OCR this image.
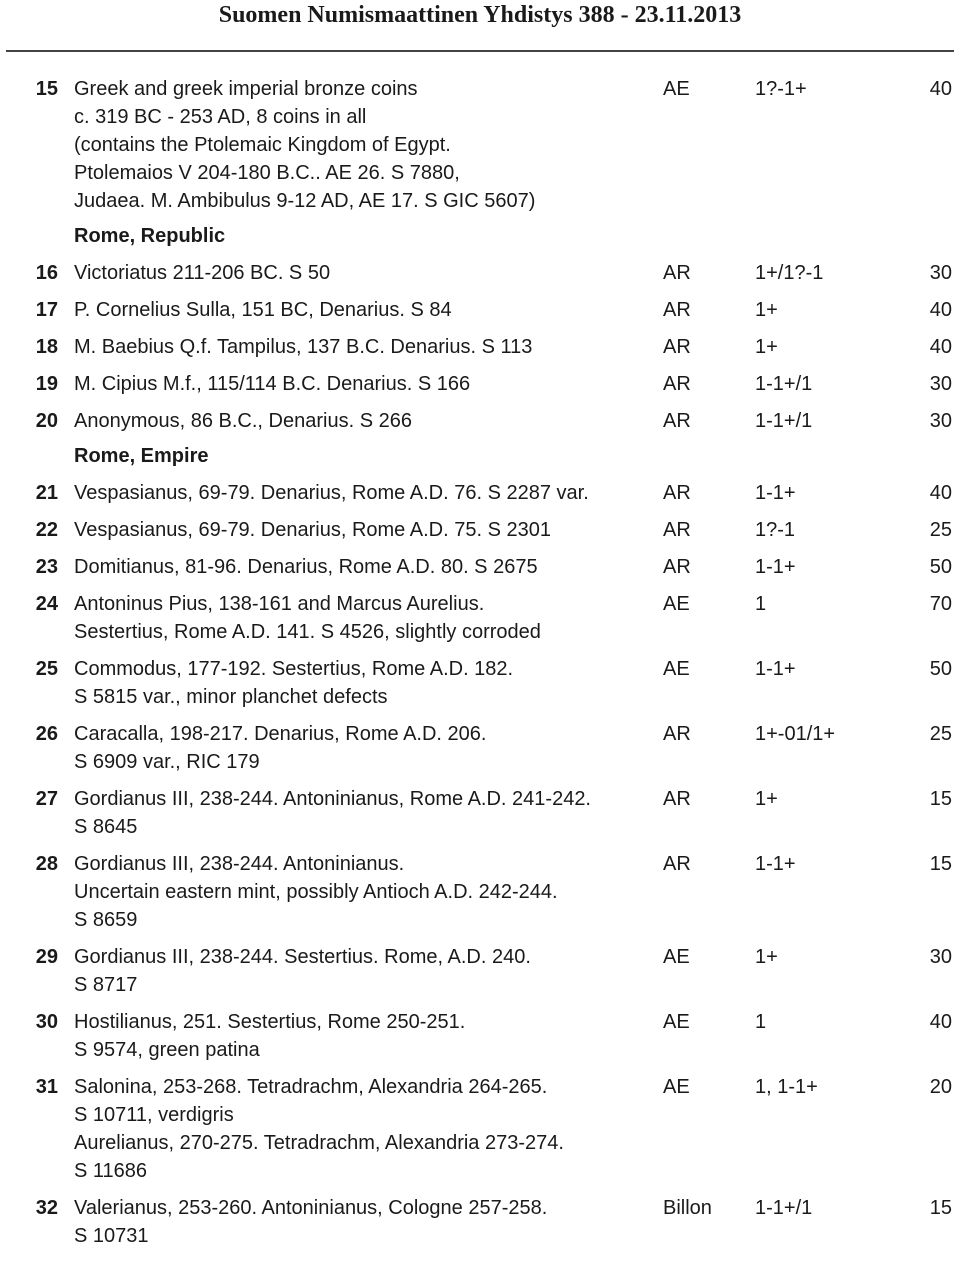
Suomen Numismaattinen Yhdistys 388 - 23.11.2013
15 Greek and greek imperial bronze coins
c. 319 BC - 253 AD, 8 coins in all
(contains the Ptolemaic Kingdom of Egypt.
Ptolemaios V 204-180 B.C.. AE 26. S 7880,
Judaea. M. Ambibulus 9-12 AD, AE 17. S GIC 5607)
AE	1?-1+	40
Rome, Republic
16 Victoriatus 211-206 BC. S 50	AR	1+/1?-1	30
17 P. Cornelius Sulla, 151 BC, Denarius. S 84	AR	1+	40
18 M. Baebius Q.f. Tampilus, 137 B.C. Denarius. S 113	AR	1+	40
19 M. Cipius M.f., 115/114 B.C. Denarius. S 166	AR	1-1+/1	30
20 Anonymous, 86 B.C., Denarius. S 266	AR	1-1+/1	30
Rome, Empire
21 Vespasianus, 69-79. Denarius, Rome A.D. 76. S 2287 var.	AR	1-1+	40
22 Vespasianus, 69-79. Denarius, Rome A.D. 75. S 2301	AR	1?-1	25
23 Domitianus, 81-96. Denarius, Rome A.D. 80. S 2675	AR	1-1+	50
24 Antoninus Pius, 138-161 and Marcus Aurelius.
Sestertius, Rome A.D. 141. S 4526, slightly corroded
AE	1	70
25 Commodus, 177-192. Sestertius, Rome A.D. 182.
S 5815 var., minor planchet defects
AE	1-1+	50
26 Caracalla, 198-217. Denarius, Rome A.D. 206.
S 6909 var., RIC 179
AR	1+-01/1+	25
27 Gordianus III, 238-244. Antoninianus, Rome A.D. 241-242.
S 8645
AR	1+	15
28 Gordianus III, 238-244. Antoninianus.
Uncertain eastern mint, possibly Antioch A.D. 242-244.
S 8659
AR	1-1+	15
29 Gordianus III, 238-244. Sestertius. Rome, A.D. 240.
S 8717
AE	1+	30
30 Hostilianus, 251. Sestertius, Rome 250-251.
S 9574, green patina
AE	1	40
31 Salonina, 253-268. Tetradrachm, Alexandria 264-265.
S 10711, verdigris
Aurelianus, 270-275. Tetradrachm, Alexandria 273-274.
S 11686
AE	1, 1-1+	20
32 Valerianus, 253-260. Antoninianus, Cologne 257-258.
S 10731
Billon 1-1+/1	15
